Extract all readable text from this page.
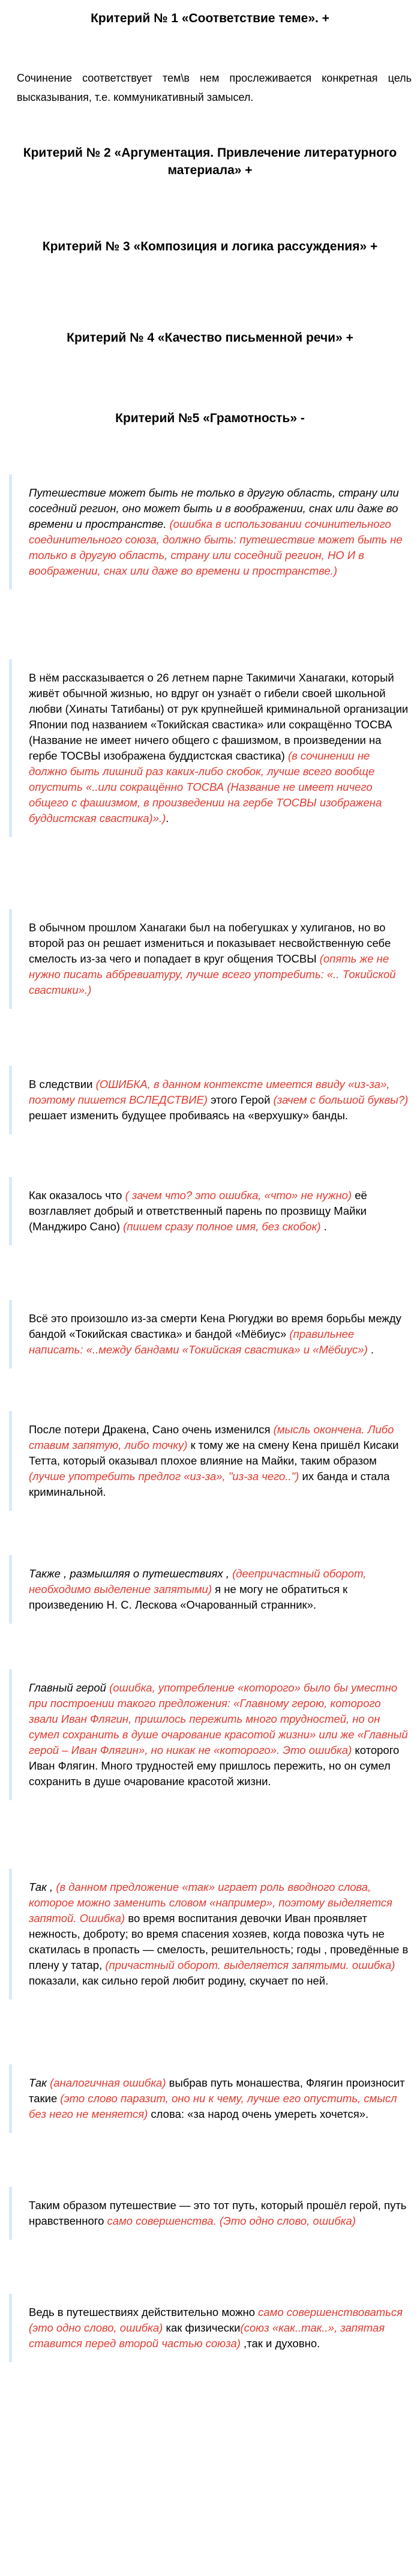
Критерий № 1 «Соответствие теме». +

Сочинение соответствует тем\в нем прослеживается конкретная цель высказывания, т.е. коммуникативный замысел.

Критерий № 2 «Аргументация. Привлечение литературного материала» +

Критерий № 3 «Композиция и логика рассуждения» +

Критерий № 4 «Качество письменной речи» +

Критерий №5 «Грамотность» -

Путешествие может быть не только в другую область, страну или соседний регион, оно может быть и в воображении, снах или даже во времени и пространстве. (ошибка в использовании сочинительного соединительного союза, должно быть: путешествие может быть не только в другую область, страну или соседний регион, НО И в воображении, снах или даже во времени и пространстве.)
В нём рассказывается о 26 летнем парне Такимичи Ханагаки, который живёт обычной жизнью, но вдруг он узнаёт о гибели своей школьной любви (Хинаты Татибаны) от рук крупнейшей криминальной организации Японии под названием «Токийская свастика» или сокращённо ТОСВА (Название не имеет ничего общего с фашизмом, в произведении на гербе ТОСВЫ изображена буддистская свастика) (в сочинении не должно быть лишний раз каких-либо скобок, лучше всего вообще опустить «..или сокращённо ТОСВА (Название не имеет ничего общего с фашизмом, в произведении на гербе ТОСВЫ изображена буддистская свастика)».).
В обычном прошлом Ханагаки был на побегушках у хулиганов, но во второй раз он решает измениться и показывает несвойственную себе смелость из-за чего и попадает в круг общения ТОСВЫ (опять же не нужно писать аббревиатуру, лучше всего употребить: «.. Токийской свастики».)
В следствии (ОШИБКА, в данном контексте имеется ввиду «из-за», поэтому пишется ВСЛЕДСТВИЕ) этого Герой (зачем с большой буквы?) решает изменить будущее пробиваясь на «верхушку» банды.
Как оказалось что ( зачем что? это ошибка, «что» не нужно) её возглавляет добрый и ответственный парень по прозвищу Майки (Манджиро Сано) (пишем сразу полное имя, без скобок) .
Всё это произошло из-за смерти Кена Рюгуджи во время борьбы между бандой «Токийская свастика» и бандой «Мёбиус» (правильнее написать: «..между бандами «Токийская свастика» и «Мёбиус») .
После потери Дракена, Сано очень изменился (мысль окончена. Либо ставим запятую, либо точку) к тому же на смену Кена пришёл Кисаки Тетта, который оказывал плохое влияние на Майки, таким образом (лучше употребить предлог «из-за», "из-за чего..") их банда и стала криминальной.
Также , размышляя о путешествиях , (деепричастный оборот, необходимо выделение запятыми) я не могу не обратиться к произведению Н. С. Лескова «Очарованный странник».
Главный герой (ошибка, употребление «которого» было бы уместно при построении такого предложения: «Главному герою, которого звали Иван Флягин, пришлось пережить много трудностей, но он сумел сохранить в душе очарование красотой жизни» или же «Главный герой – Иван Флягин», но никак не «которого». Это ошибка) которого Иван Флягин. Много трудностей ему пришлось пережить, но он сумел сохранить в душе очарование красотой жизни.
Так , (в данном предложение «так» играет роль вводного слова, которое можно заменить словом «например», поэтому выделяется запятой. Ошибка) во время воспитания девочки Иван проявляет нежность, доброту; во время спасения хозяев, когда повозка чуть не скатилась в пропасть — смелость, решительность; годы , проведённые в плену у татар, (причастный оборот. выделяется запятыми. ошибка) показали, как сильно герой любит родину, скучает по ней.
Так (аналогичная ошибка) выбрав путь монашества, Флягин произносит такие (это слово паразит, оно ни к чему, лучше его опустить, смысл без него не меняется) слова: «за народ очень умереть хочется».
Таким образом путешествие — это тот путь, который прошёл герой, путь нравственного само совершенства. (Это одно слово, ошибка)
Ведь в путешествиях действительно можно само совершенствоваться (это одно слово, ошибка) как физически(союз «как..так..», запятая ставится перед второй частью союза) ,так и духовно.
